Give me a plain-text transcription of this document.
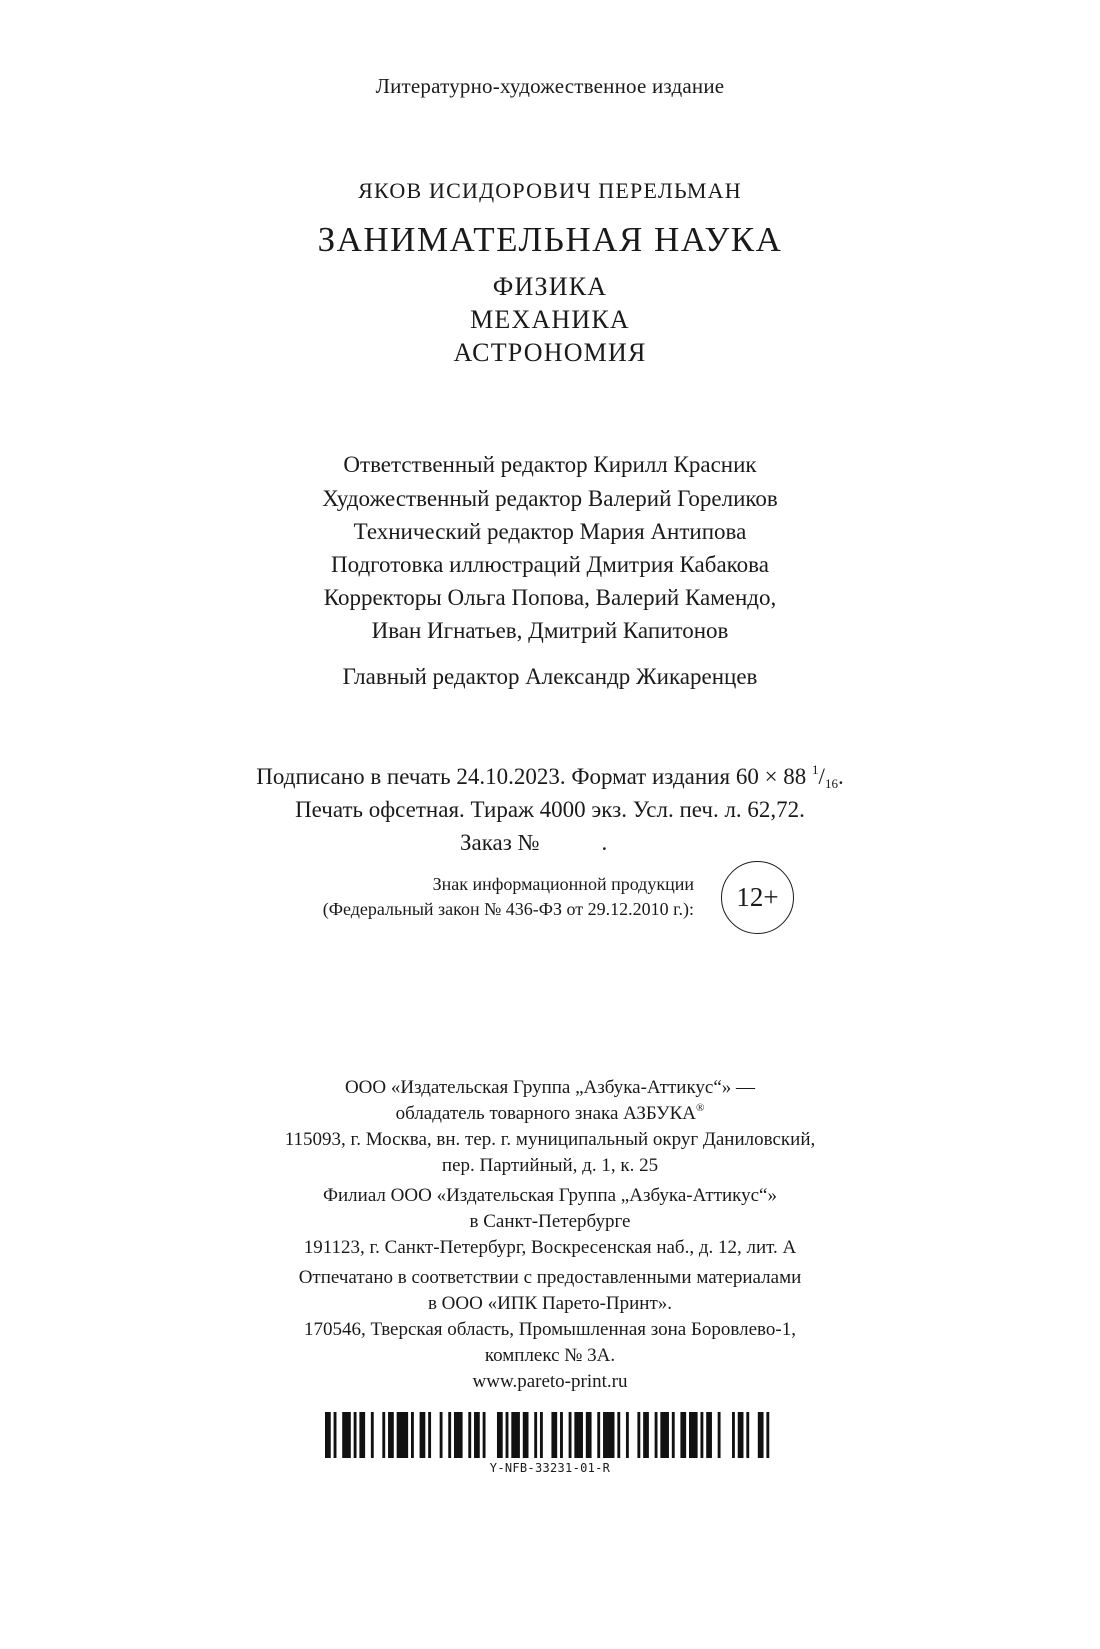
Литературно-художественное издание
ЯКОВ ИСИДОРОВИЧ ПЕРЕЛЬМАН
ЗАНИМАТЕЛЬНАЯ НАУКА
ФИЗИКА
МЕХАНИКА
АСТРОНОМИЯ
Ответственный редактор Кирилл Красник
Художественный редактор Валерий Гореликов
Технический редактор Мария Антипова
Подготовка иллюстраций Дмитрия Кабакова
Корректоры Ольга Попова, Валерий Камендо,
Иван Игнатьев, Дмитрий Капитонов
Главный редактор Александр Жикаренцев
Подписано в печать 24.10.2023. Формат издания 60 × 88 1/16.
Печать офсетная. Тираж 4000 экз. Усл. печ. л. 62,72.
Заказ №	.
Знак информационной продукции
(Федеральный закон № 436-ФЗ от 29.12.2010 г.): 12+
ООО «Издательская Группа „Азбука-Аттикус“» —
обладатель товарного знака АЗБУКА®
115093, г. Москва, вн. тер. г. муниципальный округ Даниловский,
пер. Партийный, д. 1, к. 25
Филиал ООО «Издательская Группа „Азбука-Аттикус“»
в Санкт-Петербурге
191123, г. Санкт-Петербург, Воскресенская наб., д. 12, лит. А
Отпечатано в соответствии с предоставленными материалами
в ООО «ИПК Парето-Принт».
170546, Тверская область, Промышленная зона Боровлево-1,
комплекс № 3А.
www.pareto-print.ru
Y-NFB-33231-01-R
